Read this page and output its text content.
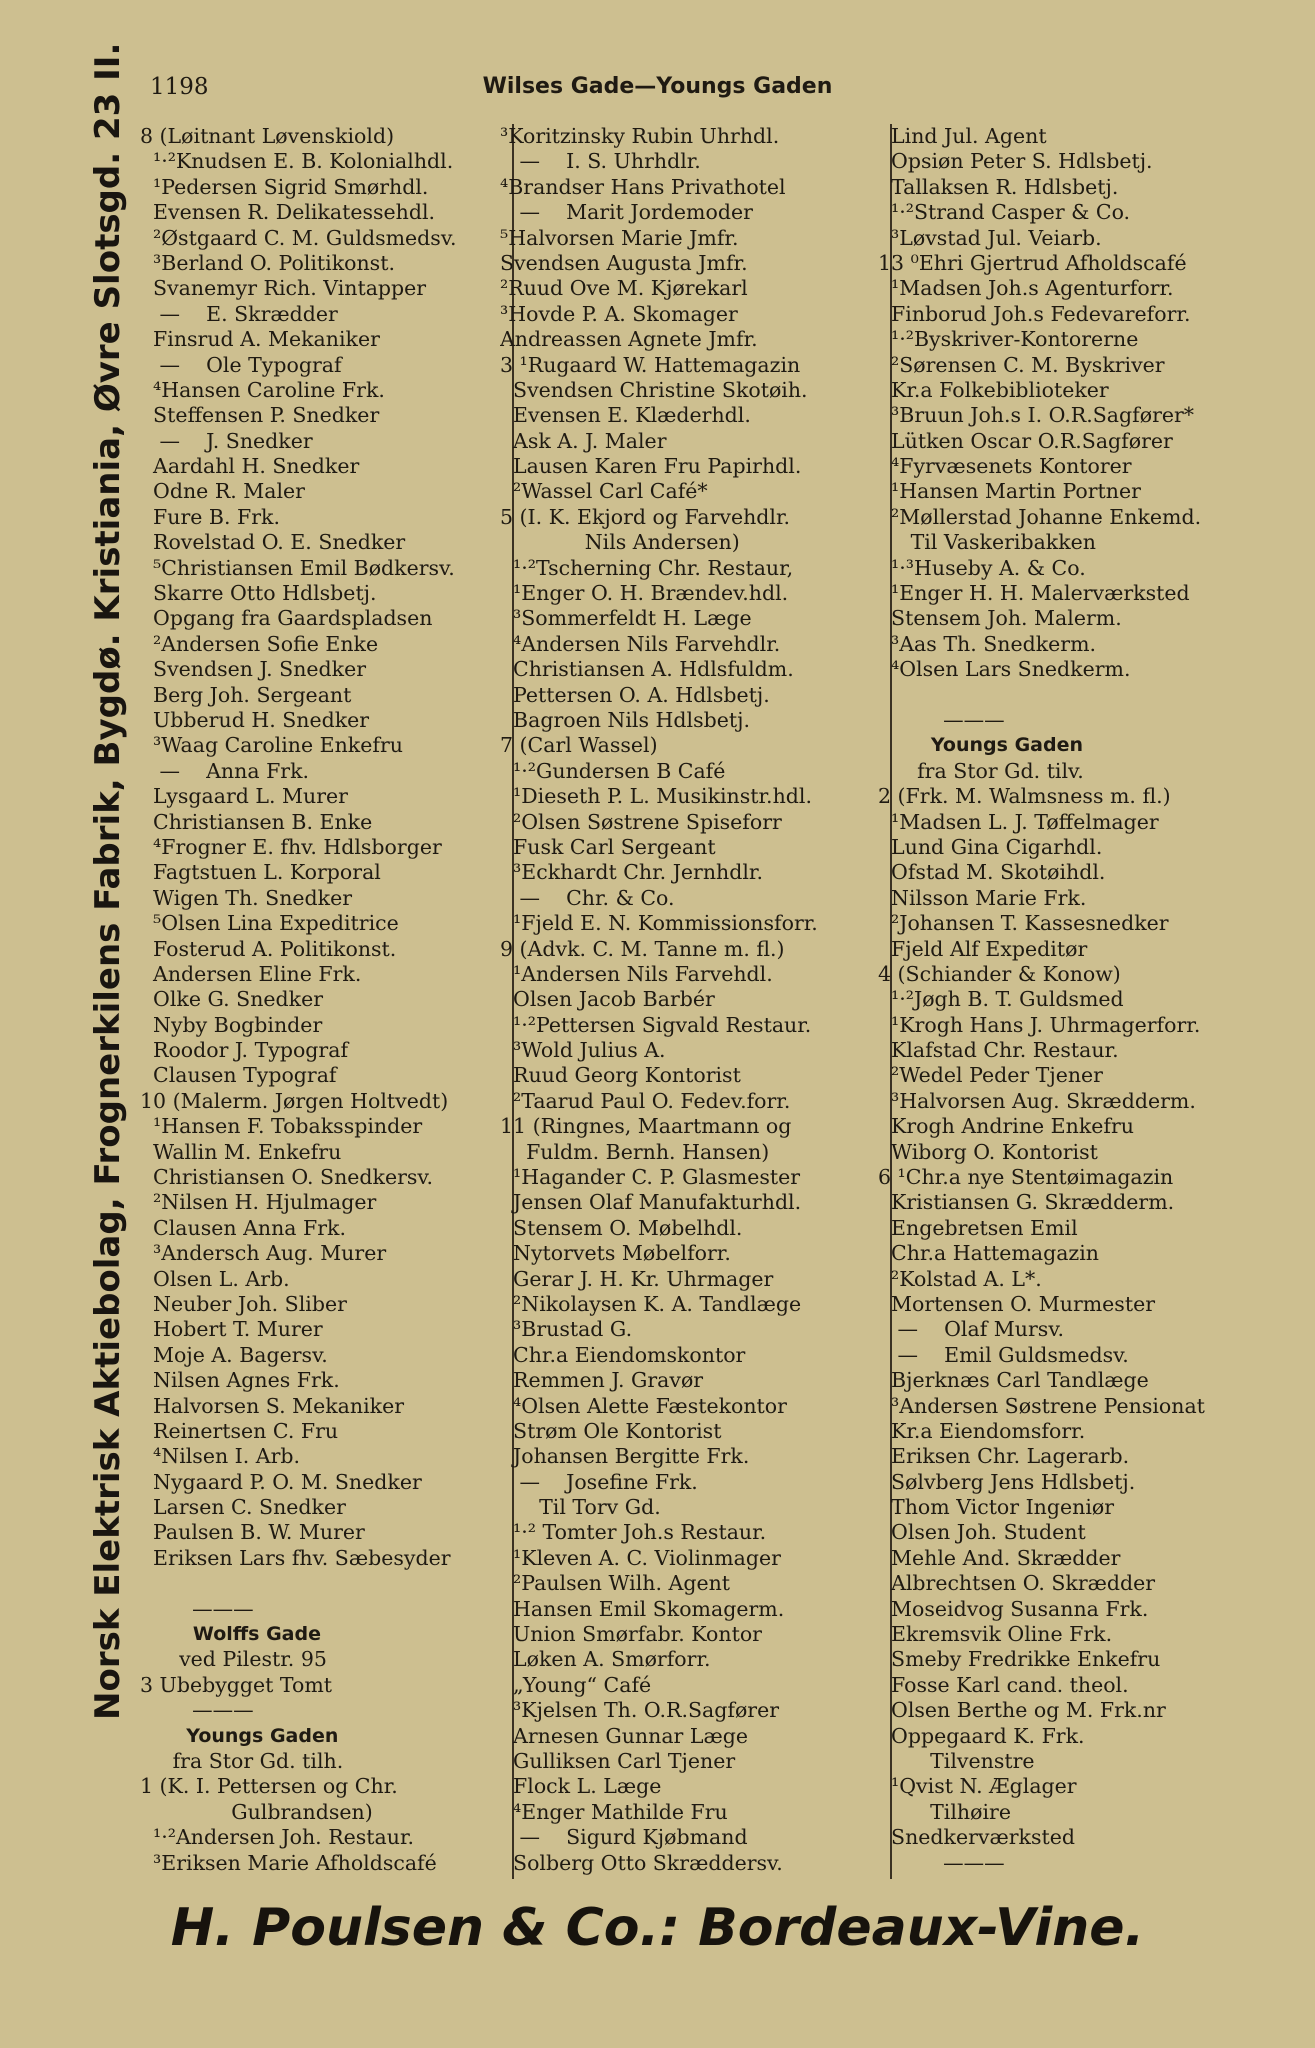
1198	Wilses Gade—Youngs Gaden
Norsk Elektrisk Aktiebolag, Frognerkilens Fabrik, Bygdø. Kristiania, Øvre Slotsgd. 23 II. 8 (Løitnant Løvenskiold)
¹·²Knudsen E. B. Kolonialhdl.
¹Pedersen Sigrid Smørhdl.
Evensen R. Delikatessehdl.
²Østgaard C. M. Guldsmedsv.
³Berland O. Politikonst.
Svanemyr Rich. Vintapper
—    E. Skrædder
Finsrud A. Mekaniker
—    Ole Typograf
⁴Hansen Caroline Frk.
Steffensen P. Snedker
—    J. Snedker
Aardahl H. Snedker
Odne R. Maler
Fure B. Frk.
Rovelstad O. E. Snedker
⁵Christiansen Emil Bødkersv.
Skarre Otto Hdlsbetj.
Opgang fra Gaardspladsen
²Andersen Sofie Enke
Svendsen J. Snedker
Berg Joh. Sergeant
Ubberud H. Snedker
³Waag Caroline Enkefru
—    Anna Frk.
Lysgaard L. Murer
Christiansen B. Enke
⁴Frogner E. fhv. Hdlsborger
Fagtstuen L. Korporal
Wigen Th. Snedker
⁵Olsen Lina Expeditrice
Fosterud A. Politikonst.
Andersen Eline Frk.
Olke G. Snedker
Nyby Bogbinder
Roodor J. Typograf
Clausen Typograf
10 (Malerm. Jørgen Holtvedt)
¹Hansen F. Tobaksspinder
Wallin M. Enkefru
Christiansen O. Snedkersv.
²Nilsen H. Hjulmager
Clausen Anna Frk.
³Andersch Aug. Murer
Olsen L. Arb.
Neuber Joh. Sliber
Hobert T. Murer
Moje A. Bagersv.
Nilsen Agnes Frk.
Halvorsen S. Mekaniker
Reinertsen C. Fru
⁴Nilsen I. Arb.
Nygaard P. O. M. Snedker
Larsen C. Snedker
Paulsen B. W. Murer
Eriksen Lars fhv. Sæbesyder
———
Wolffs Gade
ved Pilestr. 95
3 Ubebygget Tomt
———
Youngs Gaden
fra Stor Gd. tilh.
1 (K. I. Pettersen og Chr.
Gulbrandsen)
¹·²Andersen Joh. Restaur.
³Eriksen Marie Afholdscafé
³Koritzinsky Rubin Uhrhdl.
—    I. S. Uhrhdlr.
⁴Brandser Hans Privathotel
—    Marit Jordemoder
⁵Halvorsen Marie Jmfr.
Svendsen Augusta Jmfr.
²Ruud Ove M. Kjørekarl
³Hovde P. A. Skomager
Andreassen Agnete Jmfr.
3 ¹Rugaard W. Hattemagazin
Svendsen Christine Skotøih.
Evensen E. Klæderhdl.
Ask A. J. Maler
Lausen Karen Fru Papirhdl.
²Wassel Carl Café*
5 (I. K. Ekjord og Farvehdlr.
Nils Andersen)
¹·²Tscherning Chr. Restaur,
¹Enger O. H. Brændev.hdl.
³Sommerfeldt H. Læge
⁴Andersen Nils Farvehdlr.
Christiansen A. Hdlsfuldm.
Pettersen O. A. Hdlsbetj.
Bagroen Nils Hdlsbetj.
7 (Carl Wassel)
¹·²Gundersen B Café
¹Dieseth P. L. Musikinstr.hdl.
²Olsen Søstrene Spiseforr
Fusk Carl Sergeant
³Eckhardt Chr. Jernhdlr.
—    Chr. & Co.
¹Fjeld E. N. Kommissionsforr.
9 (Advk. C. M. Tanne m. fl.)
¹Andersen Nils Farvehdl.
Olsen Jacob Barbér
¹·²Pettersen Sigvald Restaur.
³Wold Julius A.
Ruud Georg Kontorist
²Taarud Paul O. Fedev.forr.
11 (Ringnes, Maartmann og
Fuldm. Bernh. Hansen)
¹Hagander C. P. Glasmester
Jensen Olaf Manufakturhdl.
Stensem O. Møbelhdl.
Nytorvets Møbelforr.
Gerar J. H. Kr. Uhrmager
²Nikolaysen K. A. Tandlæge
³Brustad G.
Chr.a Eiendomskontor
Remmen J. Gravør
⁴Olsen Alette Fæstekontor
Strøm Ole Kontorist
Johansen Bergitte Frk.
—    Josefine Frk.
Til Torv Gd.
¹·² Tomter Joh.s Restaur.
¹Kleven A. C. Violinmager
²Paulsen Wilh. Agent
Hansen Emil Skomagerm.
Union Smørfabr. Kontor
Løken A. Smørforr.
„Young“ Café
³Kjelsen Th. O.R.Sagfører
Arnesen Gunnar Læge
Gulliksen Carl Tjener
Flock L. Læge
⁴Enger Mathilde Fru
—    Sigurd Kjøbmand
Solberg Otto Skræddersv.
Lind Jul. Agent
Opsiøn Peter S. Hdlsbetj.
Tallaksen R. Hdlsbetj.
¹·²Strand Casper & Co.
³Løvstad Jul. Veiarb.
13 ⁰Ehri Gjertrud Afholdscafé
¹Madsen Joh.s Agenturforr.
Finborud Joh.s Fedevareforr.
¹·²Byskriver-Kontorerne
²Sørensen C. M. Byskriver
Kr.a Folkebiblioteker
³Bruun Joh.s I. O.R.Sagfører*
Lütken Oscar O.R.Sagfører
⁴Fyrvæsenets Kontorer
¹Hansen Martin Portner
²Møllerstad Johanne Enkemd.
Til Vaskeribakken
¹·³Huseby A. & Co.
¹Enger H. H. Malerværksted
Stensem Joh. Malerm.
³Aas Th. Snedkerm.
⁴Olsen Lars Snedkerm.
———
Youngs Gaden
fra Stor Gd. tilv.
2 (Frk. M. Walmsness m. fl.)
¹Madsen L. J. Tøffelmager
Lund Gina Cigarhdl.
Ofstad M. Skotøihdl.
Nilsson Marie Frk.
²Johansen T. Kassesnedker
Fjeld Alf Expeditør
4 (Schiander & Konow)
¹·²Jøgh B. T. Guldsmed
¹Krogh Hans J. Uhrmagerforr.
Klafstad Chr. Restaur.
²Wedel Peder Tjener
³Halvorsen Aug. Skrædderm.
Krogh Andrine Enkefru
Wiborg O. Kontorist
6 ¹Chr.a nye Stentøimagazin
Kristiansen G. Skrædderm.
Engebretsen Emil
Chr.a Hattemagazin
²Kolstad A. L*.
Mortensen O. Murmester
—    Olaf Mursv.
—    Emil Guldsmedsv.
Bjerknæs Carl Tandlæge
³Andersen Søstrene Pensionat
Kr.a Eiendomsforr.
Eriksen Chr. Lagerarb.
Sølvberg Jens Hdlsbetj.
Thom Victor Ingeniør
Olsen Joh. Student
Mehle And. Skrædder
Albrechtsen O. Skrædder
Moseidvog Susanna Frk.
Ekremsvik Oline Frk.
Smeby Fredrikke Enkefru
Fosse Karl cand. theol.
Olsen Berthe og M. Frk.nr
Oppegaard K. Frk.
Tilvenstre
¹Qvist N. Æglager
Tilhøire
Snedkerværksted
———
H. Poulsen & Co.: Bordeaux-Vine.
